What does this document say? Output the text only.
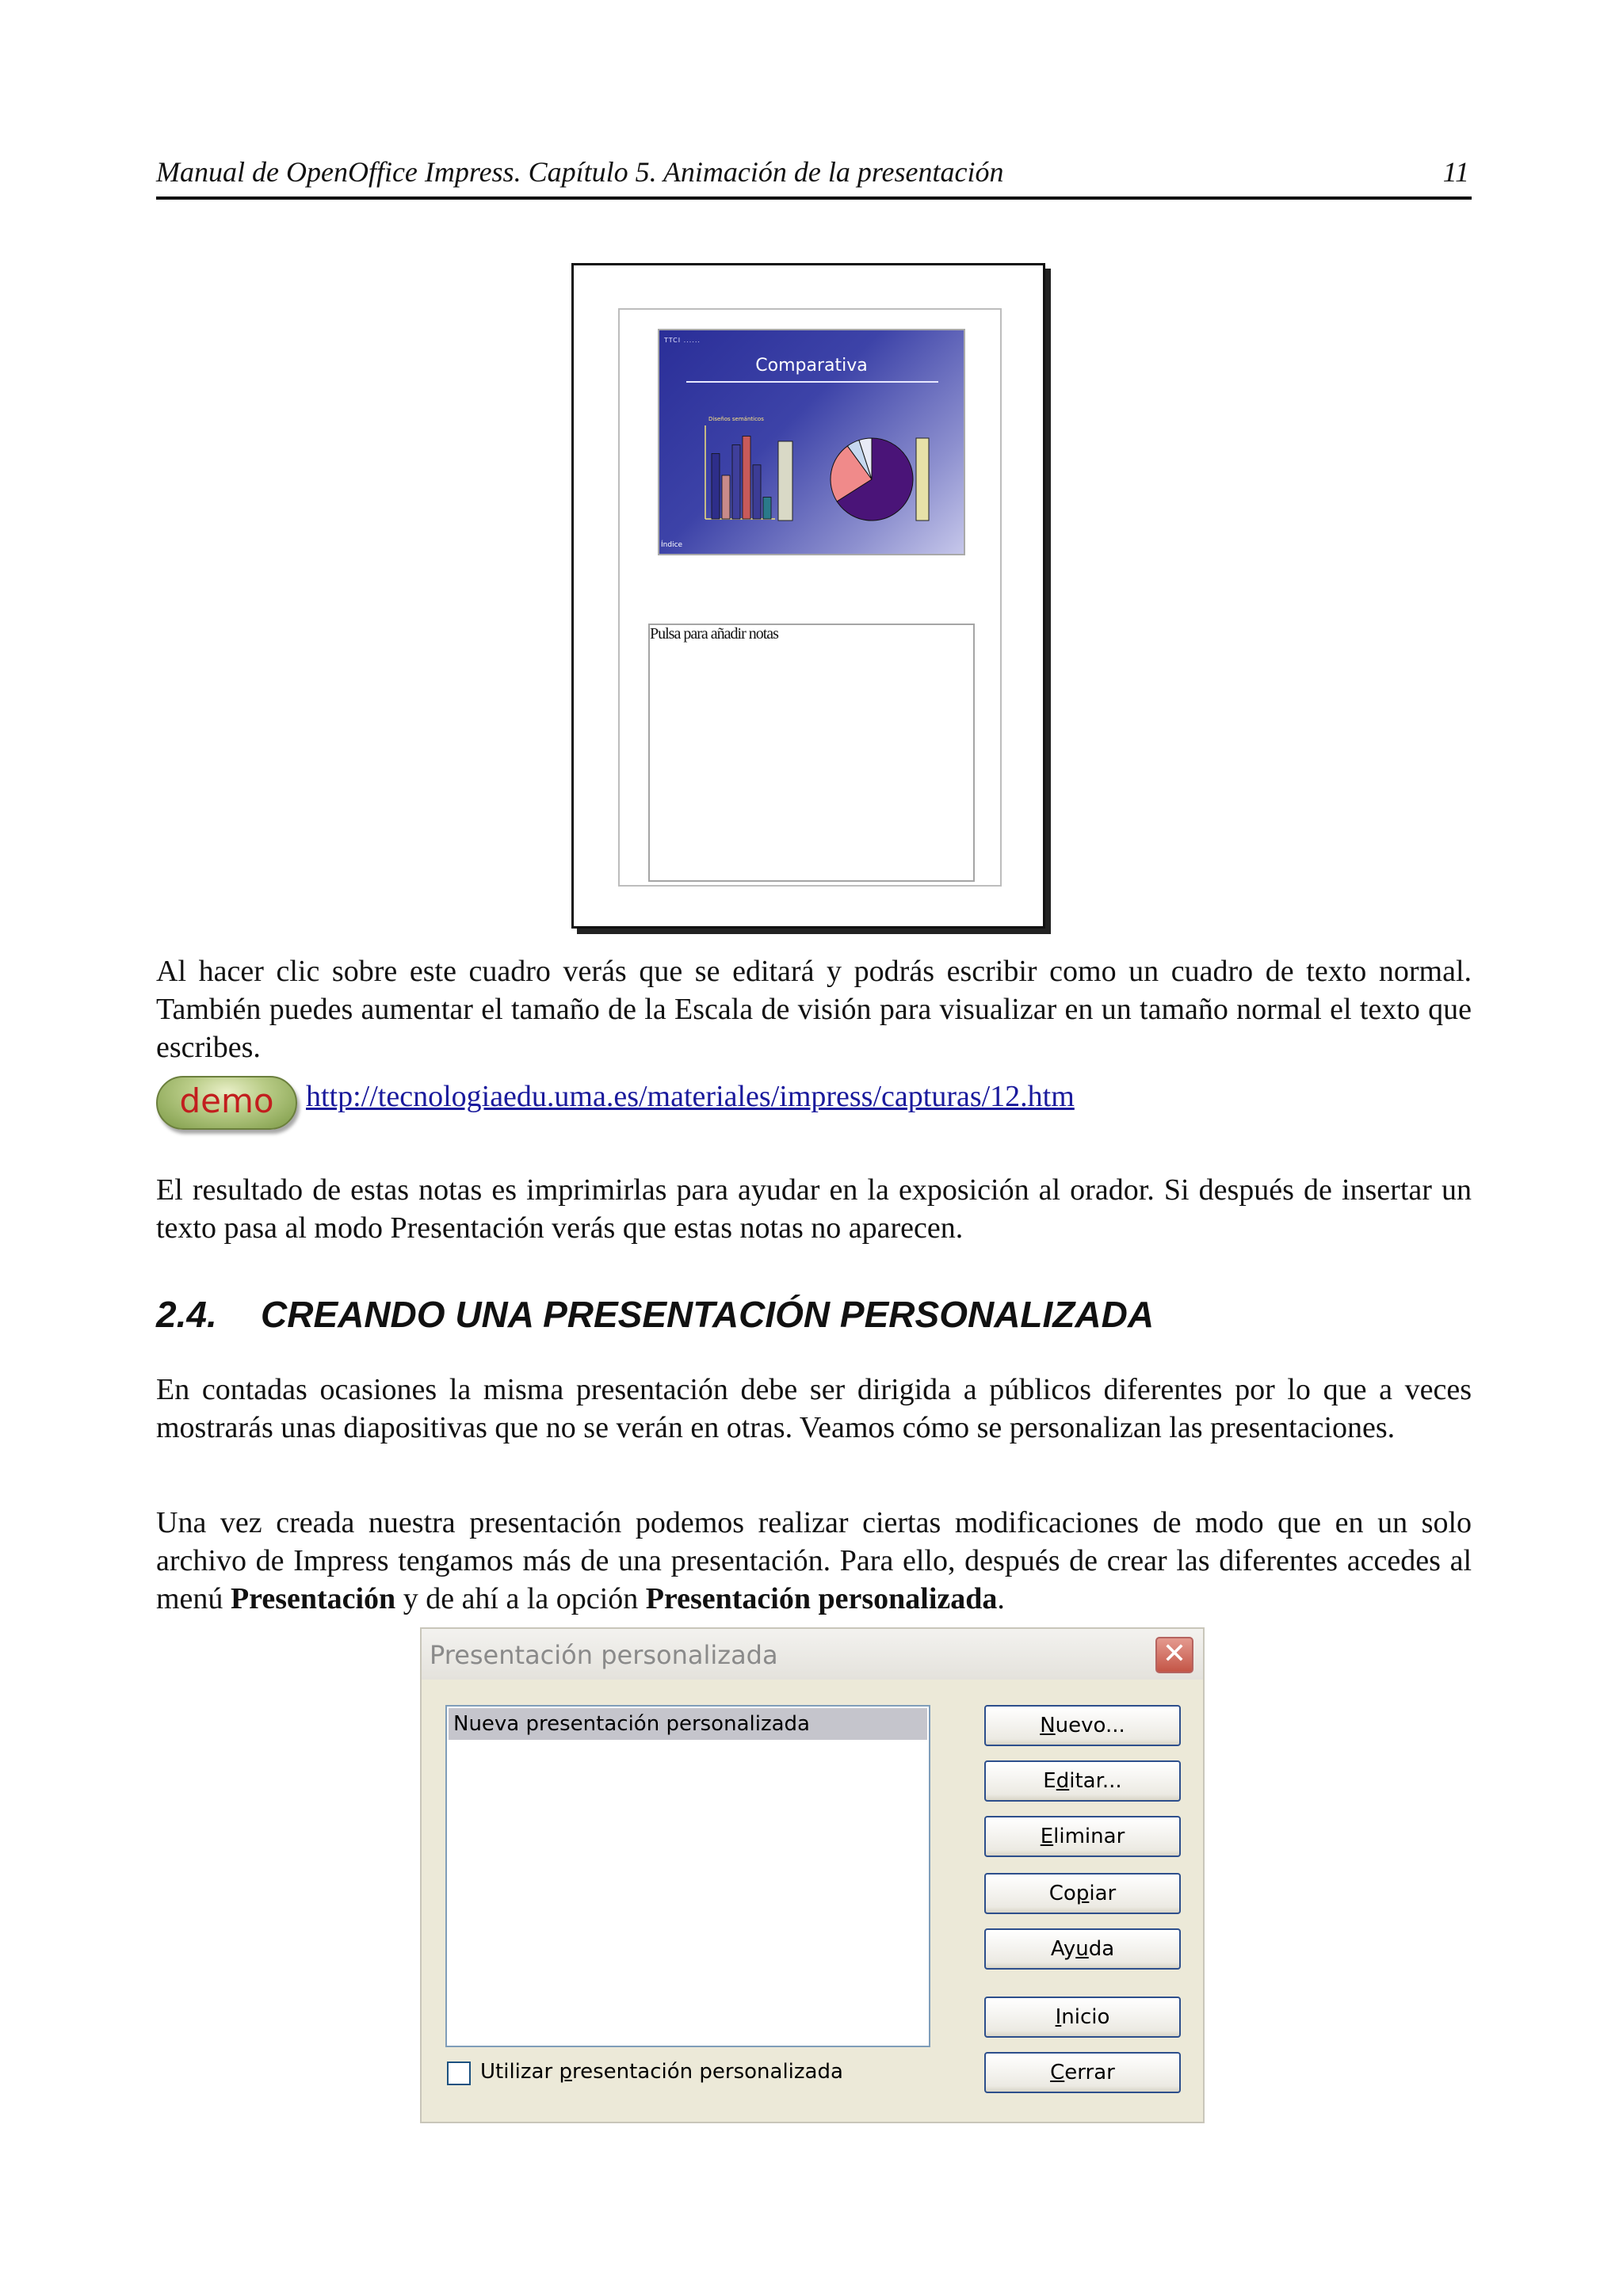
Manual de OpenOffice Impress. Capítulo 5. Animación de la presentación	11
TTCI ......
Comparativa
Diseños semánticos
Índice
Pulsa para añadir notas
Al hacer clic sobre este cuadro verás que se editará y podrás escribir como un cuadro de texto normal. También puedes aumentar el tamaño de la Escala de visión para visualizar en un tamaño normal el texto que escribes.
demo	http://tecnologiaedu.uma.es/materiales/impress/capturas/12.htm
El resultado de estas notas es imprimirlas para ayudar en la exposición al orador. Si después de insertar un texto pasa al modo Presentación verás que estas notas no aparecen.
2.4. CREANDO UNA PRESENTACIÓN PERSONALIZADA
En contadas ocasiones la misma presentación debe ser dirigida a públicos diferentes por lo que a veces mostrarás unas diapositivas que no se verán en otras. Veamos cómo se personalizan las presentaciones.
Una vez creada nuestra presentación podemos realizar ciertas modificaciones de modo que en un solo archivo de Impress tengamos más de una presentación. Para ello, después de crear las diferentes accedes al menú Presentación y de ahí a la opción Presentación personalizada.
Presentación personalizada	✕
Nueva presentación personalizada	Nuevo...
Editar...
Eliminar
Copiar
Ayuda
Inicio
Cerrar
Utilizar presentación personalizada
